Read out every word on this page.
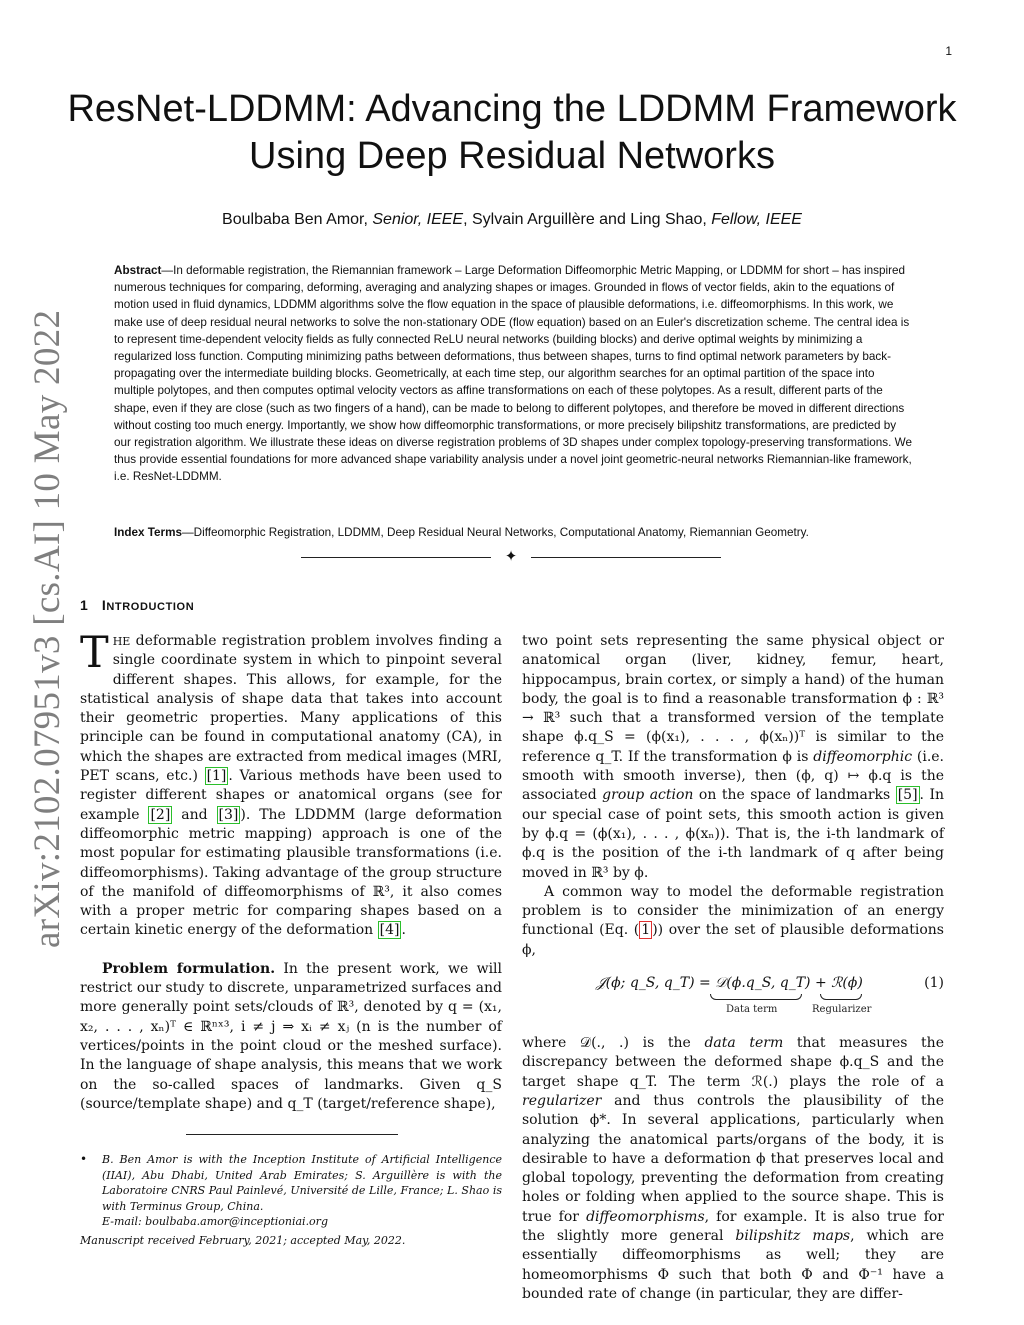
1
arXiv:2102.07951v3 [cs.AI] 10 May 2022
ResNet-LDDMM: Advancing the LDDMM Framework Using Deep Residual Networks
Boulbaba Ben Amor, Senior, IEEE, Sylvain Arguillère and Ling Shao, Fellow, IEEE
Abstract—In deformable registration, the Riemannian framework – Large Deformation Diffeomorphic Metric Mapping, or LDDMM for short – has inspired numerous techniques for comparing, deforming, averaging and analyzing shapes or images. Grounded in flows of vector fields, akin to the equations of motion used in fluid dynamics, LDDMM algorithms solve the flow equation in the space of plausible deformations, i.e. diffeomorphisms. In this work, we make use of deep residual neural networks to solve the non-stationary ODE (flow equation) based on an Euler's discretization scheme. The central idea is to represent time-dependent velocity fields as fully connected ReLU neural networks (building blocks) and derive optimal weights by minimizing a regularized loss function. Computing minimizing paths between deformations, thus between shapes, turns to find optimal network parameters by back-propagating over the intermediate building blocks. Geometrically, at each time step, our algorithm searches for an optimal partition of the space into multiple polytopes, and then computes optimal velocity vectors as affine transformations on each of these polytopes. As a result, different parts of the shape, even if they are close (such as two fingers of a hand), can be made to belong to different polytopes, and therefore be moved in different directions without costing too much energy. Importantly, we show how diffeomorphic transformations, or more precisely bilipshitz transformations, are predicted by our registration algorithm. We illustrate these ideas on diverse registration problems of 3D shapes under complex topology-preserving transformations. We thus provide essential foundations for more advanced shape variability analysis under a novel joint geometric-neural networks Riemannian-like framework, i.e. ResNet-LDDMM.
Index Terms—Diffeomorphic Registration, LDDMM, Deep Residual Neural Networks, Computational Anatomy, Riemannian Geometry.
✦
1 INTRODUCTION

THE deformable registration problem involves finding a single coordinate system in which to pinpoint several different shapes. This allows, for example, for the statistical analysis of shape data that takes into account their geometric properties. Many applications of this principle can be found in computational anatomy (CA), in which the shapes are extracted from medical images (MRI, PET scans, etc.) [1] . Various methods have been used to register different shapes or anatomical organs (see for example [2] and [3] ). The LDDMM (large deformation diffeomorphic metric mapping) approach is one of the most popular for estimating plausible transformations (i.e. diffeomorphisms). Taking advantage of the group structure of the manifold of diffeomorphisms of ℝ³, it also comes with a proper metric for comparing shapes based on a certain kinetic energy of the deformation [4] .

Problem formulation. In the present work, we will restrict our study to discrete, unparametrized surfaces and more generally point sets/clouds of ℝ³, denoted by q = (x₁, x₂, . . . , xₙ)ᵀ ∈ ℝⁿˣ³, i ≠ j ⇒ xᵢ ≠ xⱼ (n is the number of vertices/points in the point cloud or the meshed surface). In the language of shape analysis, this means that we work on the so-called spaces of landmarks. Given q_S (source/template shape) and q_T (target/reference shape),

two point sets representing the same physical object or anatomical organ (liver, kidney, femur, heart, hippocampus, brain cortex, or simply a hand) of the human body, the goal is to find a reasonable transformation ϕ : ℝ³ → ℝ³ such that a transformed version of the template shape ϕ.q_S = (ϕ(x₁), . . . , ϕ(xₙ))ᵀ is similar to the reference q_T. If the transformation ϕ is diffeomorphic (i.e. smooth with smooth inverse), then (ϕ, q) ↦ ϕ.q is the associated group action on the space of landmarks [5] . In our special case of point sets, this smooth action is given by ϕ.q = (ϕ(x₁), . . . , ϕ(xₙ)). That is, the i-th landmark of ϕ.q is the position of the i-th landmark of q after being moved in ℝ³ by ϕ.

A common way to model the deformable registration problem is to consider the minimization of an energy functional (Eq. ( 1 )) over the set of plausible deformations ϕ,

𝒥(ϕ; q_S, q_T) = 𝒟(ϕ.q_S, q_T) + ℛ(ϕ)
Data term	Regularizer
(1)

where 𝒟(., .) is the data term that measures the discrepancy between the deformed shape ϕ.q_S and the target shape q_T. The term ℛ(.) plays the role of a regularizer and thus controls the plausibility of the solution ϕ*. In several applications, particularly when analyzing the anatomical parts/organs of the body, it is desirable to have a deformation ϕ that preserves local and global topology, preventing the deformation from creating holes or folding when applied to the source shape. This is true for diffeomorphisms, for example. It is also true for the slightly more general bilipshitz maps, which are essentially diffeomorphisms as well; they are homeomorphisms Φ such that both Φ and Φ⁻¹ have a bounded rate of change (in particular, they are differ-

• B. Ben Amor is with the Inception Institute of Artificial Intelligence (IIAI), Abu Dhabi, United Arab Emirates; S. Arguillère is with the Laboratoire CNRS Paul Painlevé, Université de Lille, France; L. Shao is with Terminus Group, China.
E-mail: boulbaba.amor@inceptioniai.org
Manuscript received February, 2021; accepted May, 2022.
